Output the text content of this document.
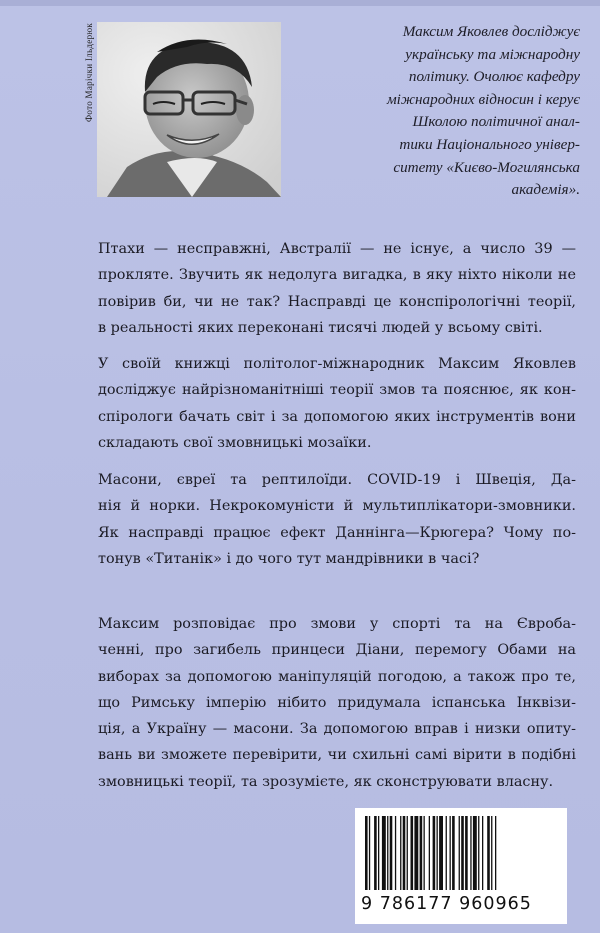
Фото Марічки Ільдерюк	Максим Яковлев досліджує
українську та міжнародну
політику. Очолює кафедру
міжнародних відносин і керує
Школою політичної анал-
тики Національного універ-
ситету «Києво-Могилянська
академія».
Птахи — несправжні, Австралії — не існує, а число 39 —
прокляте. Звучить як недолуга вигадка, в яку ніхто ніколи не
повірив би, чи не так? Насправді це конспірологічні теорії,
в реальності яких переконані тисячі людей у всьому світі.
У своїй книжці політолог-міжнародник Максим Яковлев
досліджує найрізноманітніші теорії змов та пояснює, як кон-
спірологи бачать світ і за допомогою яких інструментів вони
складають свої змовницькі мозаїки.
Масони, євреї та рептилоїди. COVID-19 і Швеція, Да-
нія й норки. Некрокомуністи й мультиплікатори-змовники.
Як насправді працює ефект Даннінга—Крюгера? Чому по-
тонув «Титанік» і до чого тут мандрівники в часі?
Максим розповідає про змови у спорті та на Євроба-
ченні, про загибель принцеси Діани, перемогу Обами на
виборах за допомогою маніпуляцій погодою, а також про те,
що Римську імперію нібито придумала іспанська Інквізи-
ція, а Україну — масони. За допомогою вправ і низки опиту-
вань ви зможете перевірити, чи схильні самі вірити в подібні
змовницькі теорії, та зрозумієте, як сконструювати власну.
9 786177 960965
